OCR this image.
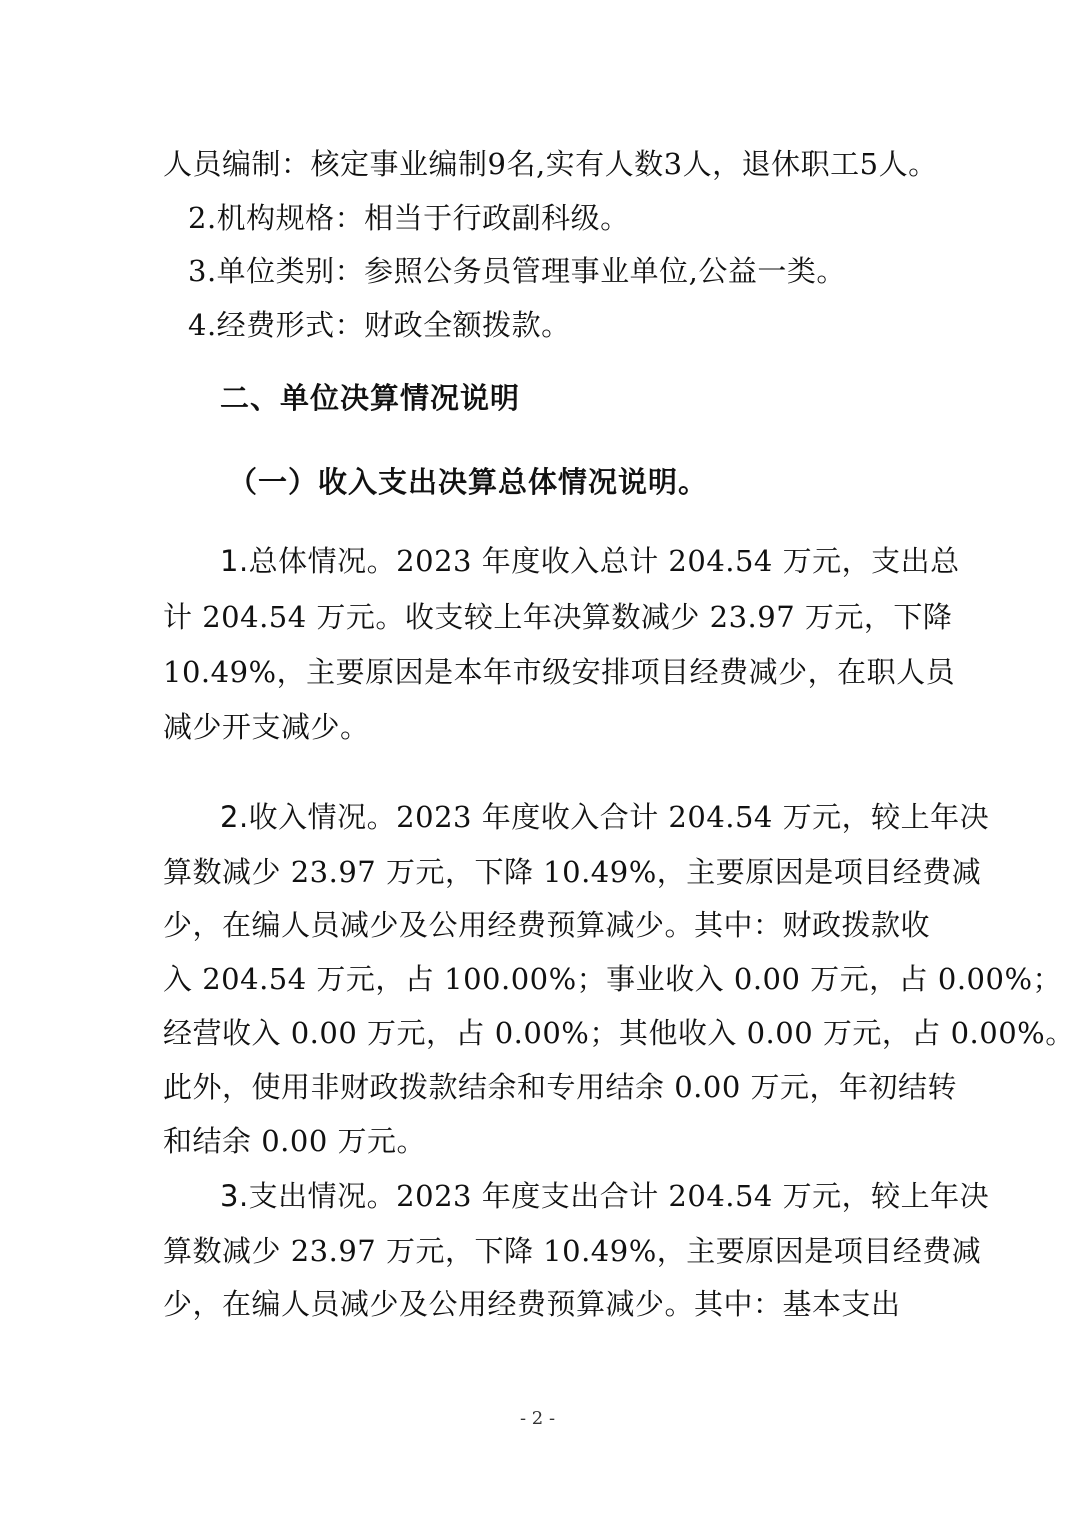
人员编制：核定事业编制9名,实有人数3人，退休职工5人。
2.机构规格：相当于行政副科级。
3.单位类别：参照公务员管理事业单位,公益一类。
4.经费形式：财政全额拨款。
二、单位决算情况说明
（一）收入支出决算总体情况说明。
1.总体情况。2023 年度收入总计 204.54 万元，支出总
计 204.54 万元。收支较上年决算数减少 23.97 万元，下降
10.49%，主要原因是本年市级安排项目经费减少，在职人员
减少开支减少。
2.收入情况。2023 年度收入合计 204.54 万元，较上年决
算数减少 23.97 万元，下降 10.49%，主要原因是项目经费减
少，在编人员减少及公用经费预算减少。其中：财政拨款收
入 204.54 万元，占 100.00%；事业收入 0.00 万元，占 0.00%；
经营收入 0.00 万元，占 0.00%；其他收入 0.00 万元，占 0.00%。
此外，使用非财政拨款结余和专用结余 0.00 万元，年初结转
和结余 0.00 万元。
3.支出情况。2023 年度支出合计 204.54 万元，较上年决
算数减少 23.97 万元，下降 10.49%，主要原因是项目经费减
少，在编人员减少及公用经费预算减少。其中：基本支出
- 2 -
